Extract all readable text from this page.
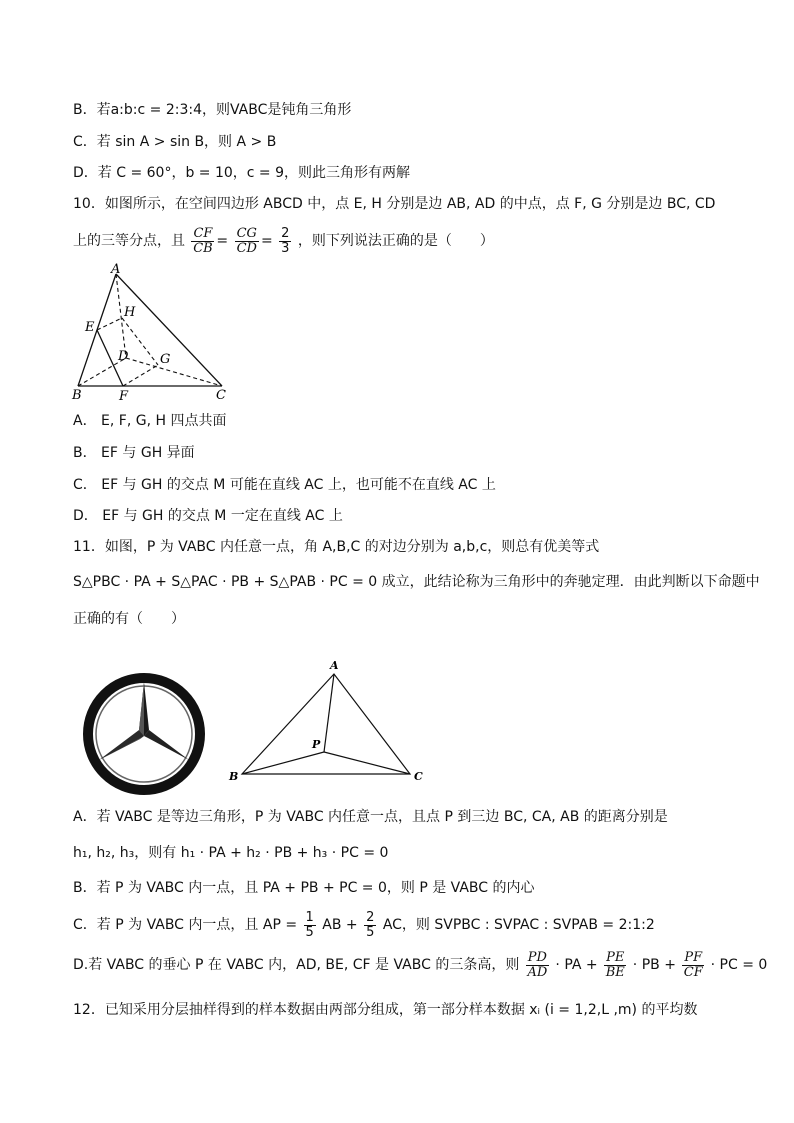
B．若a:b:c = 2:3:4，则VABC是钝角三角形
C．若 sin A > sin B，则 A > B
D．若 C = 60°，b = 10，c = 9，则此三角形有两解
10．如图所示，在空间四边形 ABCD 中，点 E, H 分别是边 AB, AD 的中点，点 F, G 分别是边 BC, CD
上的三等分点，且 $\frac{CF}{CB} = \frac{CG}{CD} = \frac{2}{3}$ ，则下列说法正确的是（　　）
A
E
H
D G
B	F	C
A． E, F, G, H 四点共面
B． EF 与 GH 异面
C． EF 与 GH 的交点 M 可能在直线 AC 上，也可能不在直线 AC 上
D． EF 与 GH 的交点 M 一定在直线 AC 上
11．如图，P 为 VABC 内任意一点，角 A,B,C 的对边分别为 a,b,c，则总有优美等式
S△PBC · PA + S△PAC · PB + S△PAB · PC = 0 成立，此结论称为三角形中的奔驰定理．由此判断以下命题中
正确的有（　　）
A
P
B	C
A．若 VABC 是等边三角形，P 为 VABC 内任意一点，且点 P 到三边 BC, CA, AB 的距离分别是
h₁, h₂, h₃，则有 h₁ · PA + h₂ · PB + h₃ · PC = 0
B．若 P 为 VABC 内一点，且 PA + PB + PC = 0，则 P 是 VABC 的内心
C．若 P 为 VABC 内一点，且 AP = $\frac{1}{5}$ AB + $\frac{2}{5}$ AC，则 SVPBC : SVPAC : SVPAB = 2:1:2
D.若 VABC 的垂心 P 在 VABC 内，AD, BE, CF 是 VABC 的三条高，则 $\frac{PD}{AD}$ · PA + $\frac{PE}{BE}$ · PB + $\frac{PF}{CF}$ · PC = 0
12．已知采用分层抽样得到的样本数据由两部分组成，第一部分样本数据 xᵢ (i = 1,2,L ,m) 的平均数
